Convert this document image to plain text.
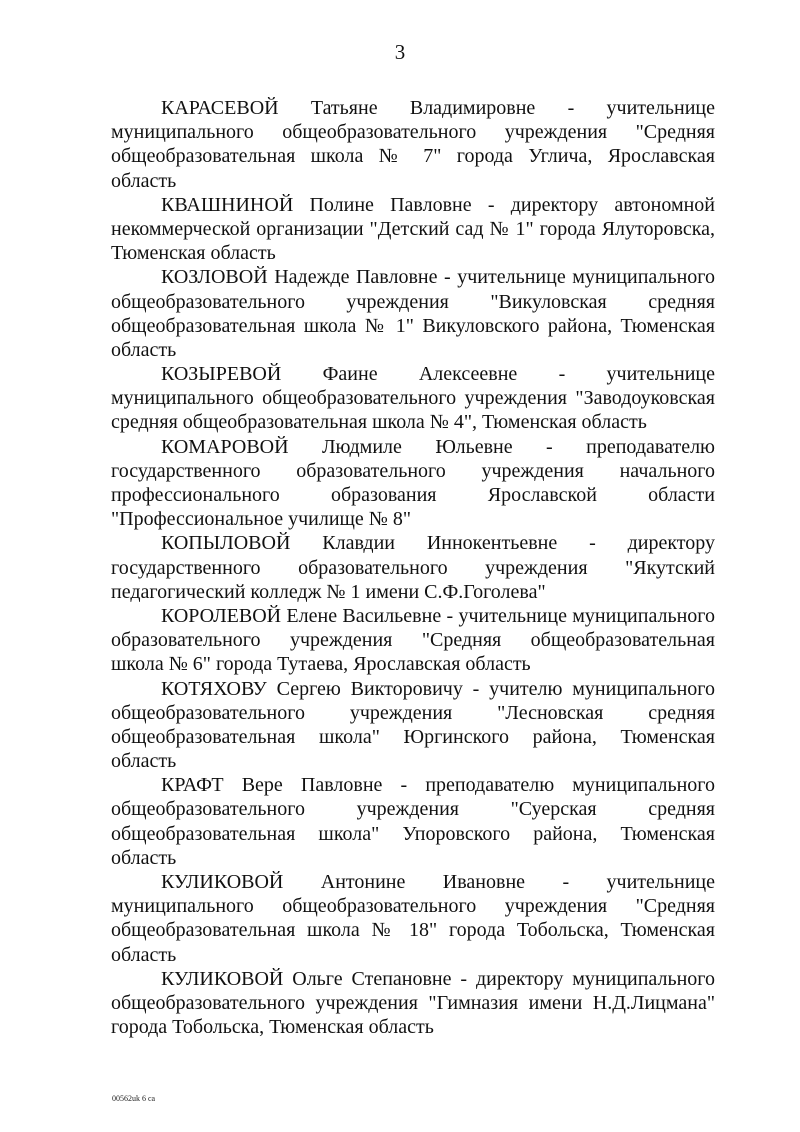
3

КАРАСЕВОЙ Татьяне Владимировне - учительнице
муниципального общеобразовательного учреждения "Средняя
общеобразовательная школа № 7" города Углича, Ярославская
область

КВАШНИНОЙ Полине Павловне - директору автономной
некоммерческой организации "Детский сад № 1" города Ялуторовска,
Тюменская область

КОЗЛОВОЙ Надежде Павловне - учительнице муниципального
общеобразовательного учреждения "Викуловская средняя
общеобразовательная школа № 1" Викуловского района, Тюменская
область

КОЗЫРЕВОЙ Фаине Алексеевне - учительнице
муниципального общеобразовательного учреждения "Заводоуковская
средняя общеобразовательная школа № 4", Тюменская область

КОМАРОВОЙ Людмиле Юльевне - преподавателю
государственного образовательного учреждения начального
профессионального образования Ярославской области
"Профессиональное училище № 8"

КОПЫЛОВОЙ Клавдии Иннокентьевне - директору
государственного образовательного учреждения "Якутский
педагогический колледж № 1 имени С.Ф.Гоголева"

КОРОЛЕВОЙ Елене Васильевне - учительнице муниципального
образовательного учреждения "Средняя общеобразовательная
школа № 6" города Тутаева, Ярославская область

КОТЯХОВУ Сергею Викторовичу - учителю муниципального
общеобразовательного учреждения "Лесновская средняя
общеобразовательная школа" Юргинского района, Тюменская
область

КРАФТ Вере Павловне - преподавателю муниципального
общеобразовательного учреждения "Суерская средняя
общеобразовательная школа" Упоровского района, Тюменская
область

КУЛИКОВОЙ Антонине Ивановне - учительнице
муниципального общеобразовательного учреждения "Средняя
общеобразовательная школа № 18" города Тобольска, Тюменская
область

КУЛИКОВОЙ Ольге Степановне - директору муниципального
общеобразовательного учреждения "Гимназия имени Н.Д.Лицмана"
города Тобольска, Тюменская область

00562uk 6 ca
